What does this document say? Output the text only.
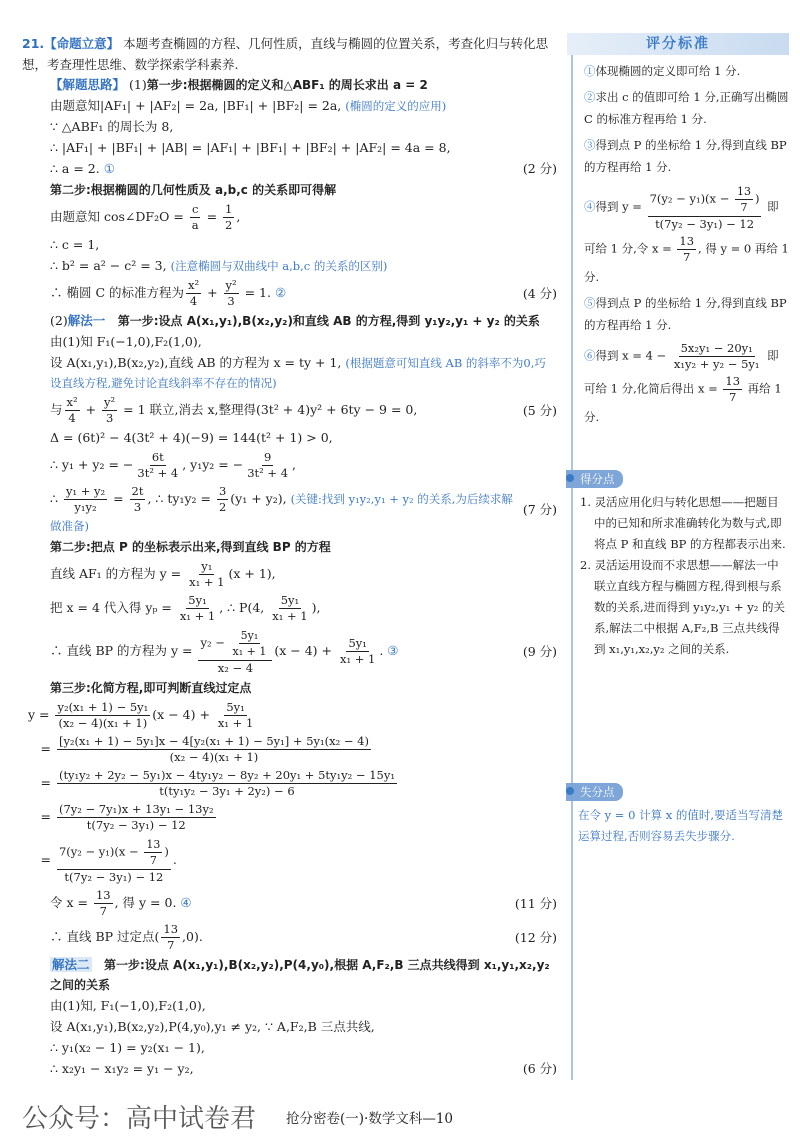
21.【命题立意】 本题考查椭圆的方程、几何性质，直线与椭圆的位置关系，考查化归与转化思想，考查理性思维、数学探索学科素养.
【解题思路】 (1)第一步:根据椭圆的定义和△ABF₁ 的周长求出 a = 2
由题意知|AF₁| + |AF₂| = 2a, |BF₁| + |BF₂| = 2a, (椭圆的定义的应用)
∵ △ABF₁ 的周长为 8,
∴ |AF₁| + |BF₁| + |AB| = |AF₁| + |BF₁| + |BF₂| + |AF₂| = 4a = 8,
∴ a = 2. ①	(2 分)
第二步:根据椭圆的几何性质及 a,b,c 的关系即可得解
由题意知 cos∠DF₂O = $\frac{c}{a} = \frac{1}{2}$ ,
∴ c = 1,
∴ b² = a² − c² = 3, (注意椭圆与双曲线中 a,b,c 的关系的区别)
∴ 椭圆 C 的标准方程为 $\frac{\text{x²}}{4} + \frac{\text{y²}}{3} = 1$. ②	(4 分)
(2)解法一　 第一步:设点 A(x₁,y₁),B(x₂,y₂)和直线 AB 的方程,得到 y₁y₂,y₁ + y₂ 的关系
由(1)知 F₁(−1,0),F₂(1,0),
设 A(x₁,y₁),B(x₂,y₂),直线 AB 的方程为 x = ty + 1, (根据题意可知直线 AB 的斜率不为0,巧设直线方程,避免讨论直线斜率不存在的情况)
与 $\frac{\text{x²}}{4} + \frac{\text{y²}}{3} = 1$ 联立,消去 x,整理得(3t² + 4)y² + 6ty − 9 = 0,	(5 分)
Δ = (6t)² − 4(3t² + 4)(−9) = 144(t² + 1) > 0,
∴ y₁ + y₂ = − $\frac{6t}{\text{3t² + 4}}$ , y₁y₂ = − $\frac{9}{\text{3t² + 4}}$ ,
∴ $\frac{\text{y₁ + y₂}}{\text{y₁y₂}} = \frac{2t}{3}$ , ∴ $ty_1y_2 = \frac{3}{2} (y_1 + y_2)$, (关键:找到 y₁y₂,y₁ + y₂ 的关系,为后续求解做准备)
(7 分)
第二步:把点 P 的坐标表示出来,得到直线 BP 的方程
直线 AF₁ 的方程为 $y = \frac{\text{y₁}}{\text{x₁ + 1}} (x + 1)$,
把 x = 4 代入得 $y_p = \frac{\text{5y₁}}{\text{x₁ + 1}}$ , ∴ P(4, $\frac{\text{5y₁}}{\text{x₁ + 1}}$ ),
∴ 直线 BP 的方程为 $y = \frac{y_2 - \frac{\text{5y₁}}{\text{x₁ + 1}}}{\text{x₂ − 4}} (x - 4) + \frac{\text{5y₁}}{\text{x₁ + 1}}$ . ③	(9 分)
第三步:化简方程,即可判断直线过定点
$y = \frac{\text{y₂(x₁ + 1) − 5y₁}}{\text{(x₂ − 4)(x₁ + 1)}} (x - 4) + \frac{\text{5y₁}}{\text{x₁ + 1}}$
　= $\frac{\text{[y₂(x₁ + 1) − 5y₁]x − 4[y₂(x₁ + 1) − 5y₁] + 5y₁(x₂ − 4)}}{\text{(x₂ − 4)(x₁ + 1)}}$
　= $\frac{\text{(ty₁y₂ + 2y₂ − 5y₁)x − 4ty₁y₂ − 8y₂ + 20y₁ + 5ty₁y₂ − 15y₁}}{\text{t(ty₁y₂ − 3y₁ + 2y₂) − 6}}$
　= $\frac{\text{(7y₂ − 7y₁)x + 13y₁ − 13y₂}}{\text{t(7y₂ − 3y₁) − 12}}$
　= $\frac{7(y_2 - y_1)(x - \frac{13}{7} )}{\text{t(7y₂ − 3y₁) − 12}}$ .
令 $x = \frac{13}{7}$ , 得 y = 0. ④	(11 分)
∴ 直线 BP 过定点( $\frac{13}{7} ,0$).	(12 分)
解法二　 第一步:设点 A(x₁,y₁),B(x₂,y₂),P(4,y₀),根据 A,F₂,B 三点共线得到 x₁,y₁,x₂,y₂ 之间的关系
由(1)知, F₁(−1,0),F₂(1,0),
设 A(x₁,y₁),B(x₂,y₂),P(4,y₀),y₁ ≠ y₂, ∵ A,F₂,B 三点共线,
∴ y₁(x₂ − 1) = y₂(x₁ − 1),
∴ x₂y₁ − x₁y₂ = y₁ − y₂,	(6 分)
评分标准
①体现椭圆的定义即可给 1 分.
②求出 c 的值即可给 1 分,正确写出椭圆 C 的标准方程再给 1 分.
③得到点 P 的坐标给 1 分,得到直线 BP 的方程再给 1 分.
④得到 $y = \frac{7(y_2 - y_1)(x - \frac{13}{7} )}{\text{t(7y₂ − 3y₁) − 12}}$ 即可给 1 分,令 $x = \frac{13}{7}$ , 得 y = 0 再给 1 分.
⑤得到点 P 的坐标给 1 分,得到直线 BP 的方程再给 1 分.
⑥得到 $x = 4 - \frac{\text{5x₂y₁ − 20y₁}}{\text{x₁y₂ + y₂ − 5y₁}}$ 即可给 1 分,化简后得出 $x = \frac{13}{7}$ 再给 1 分.
得分点
1. 灵活应用化归与转化思想——把题目中的已知和所求准确转化为数与式,即将点 P 和直线 BP 的方程都表示出来.
2. 灵活运用设而不求思想——解法一中联立直线方程与椭圆方程,得到根与系数的关系,进而得到 y₁y₂,y₁ + y₂ 的关系,解法二中根据 A,F₂,B 三点共线得到 x₁,y₁,x₂,y₂ 之间的关系.
失分点
在令 y = 0 计算 x 的值时,要适当写清楚运算过程,否则容易丢失步骤分.
公众号：高中试卷君 抢分密卷(一)·数学文科—10
